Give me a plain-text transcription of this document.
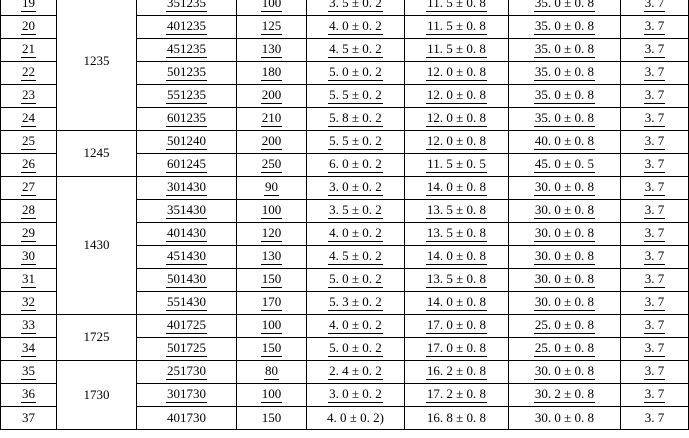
19	1235	351235	100	3. 5 ± 0. 2	11. 5 ± 0. 8	35. 0 ± 0. 8	3. 7
20		401235	125	4. 0 ± 0. 2	11. 5 ± 0. 8	35. 0 ± 0. 8	3. 7
21		451235	130	4. 5 ± 0. 2	11. 5 ± 0. 8	35. 0 ± 0. 8	3. 7
22		501235	180	5. 0 ± 0. 2	12. 0 ± 0. 8	35. 0 ± 0. 8	3. 7
23		551235	200	5. 5 ± 0. 2	12. 0 ± 0. 8	35. 0 ± 0. 8	3. 7
24		601235	210	5. 8 ± 0. 2	12. 0 ± 0. 8	35. 0 ± 0. 8	3. 7
25	1245	501240	200	5. 5 ± 0. 2	12. 0 ± 0. 8	40. 0 ± 0. 8	3. 7
26		601245	250	6. 0 ± 0. 2	11. 5 ± 0. 5	45. 0 ± 0. 5	3. 7
27	1430	301430	90	3. 0 ± 0. 2	14. 0 ± 0. 8	30. 0 ± 0. 8	3. 7
28		351430	100	3. 5 ± 0. 2	13. 5 ± 0. 8	30. 0 ± 0. 8	3. 7
29		401430	120	4. 0 ± 0. 2	13. 5 ± 0. 8	30. 0 ± 0. 8	3. 7
30		451430	130	4. 5 ± 0. 2	14. 0 ± 0. 8	30. 0 ± 0. 8	3. 7
31		501430	150	5. 0 ± 0. 2	13. 5 ± 0. 8	30. 0 ± 0. 8	3. 7
32		551430	170	5. 3 ± 0. 2	14. 0 ± 0. 8	30. 0 ± 0. 8	3. 7
33	1725	401725	100	4. 0 ± 0. 2	17. 0 ± 0. 8	25. 0 ± 0. 8	3. 7
34		501725	150	5. 0 ± 0. 2	17. 0 ± 0. 8	25. 0 ± 0. 8	3. 7
35	1730	251730	80	2. 4 ± 0. 2	16. 2 ± 0. 8	30. 0 ± 0. 8	3. 7
36		301730	100	3. 0 ± 0. 2	17. 2 ± 0. 8	30. 2 ± 0. 8	3. 7
37		401730	150	4. 0 ± 0. 2)	16. 8 ± 0. 8	30. 0 ± 0. 8	3. 7
